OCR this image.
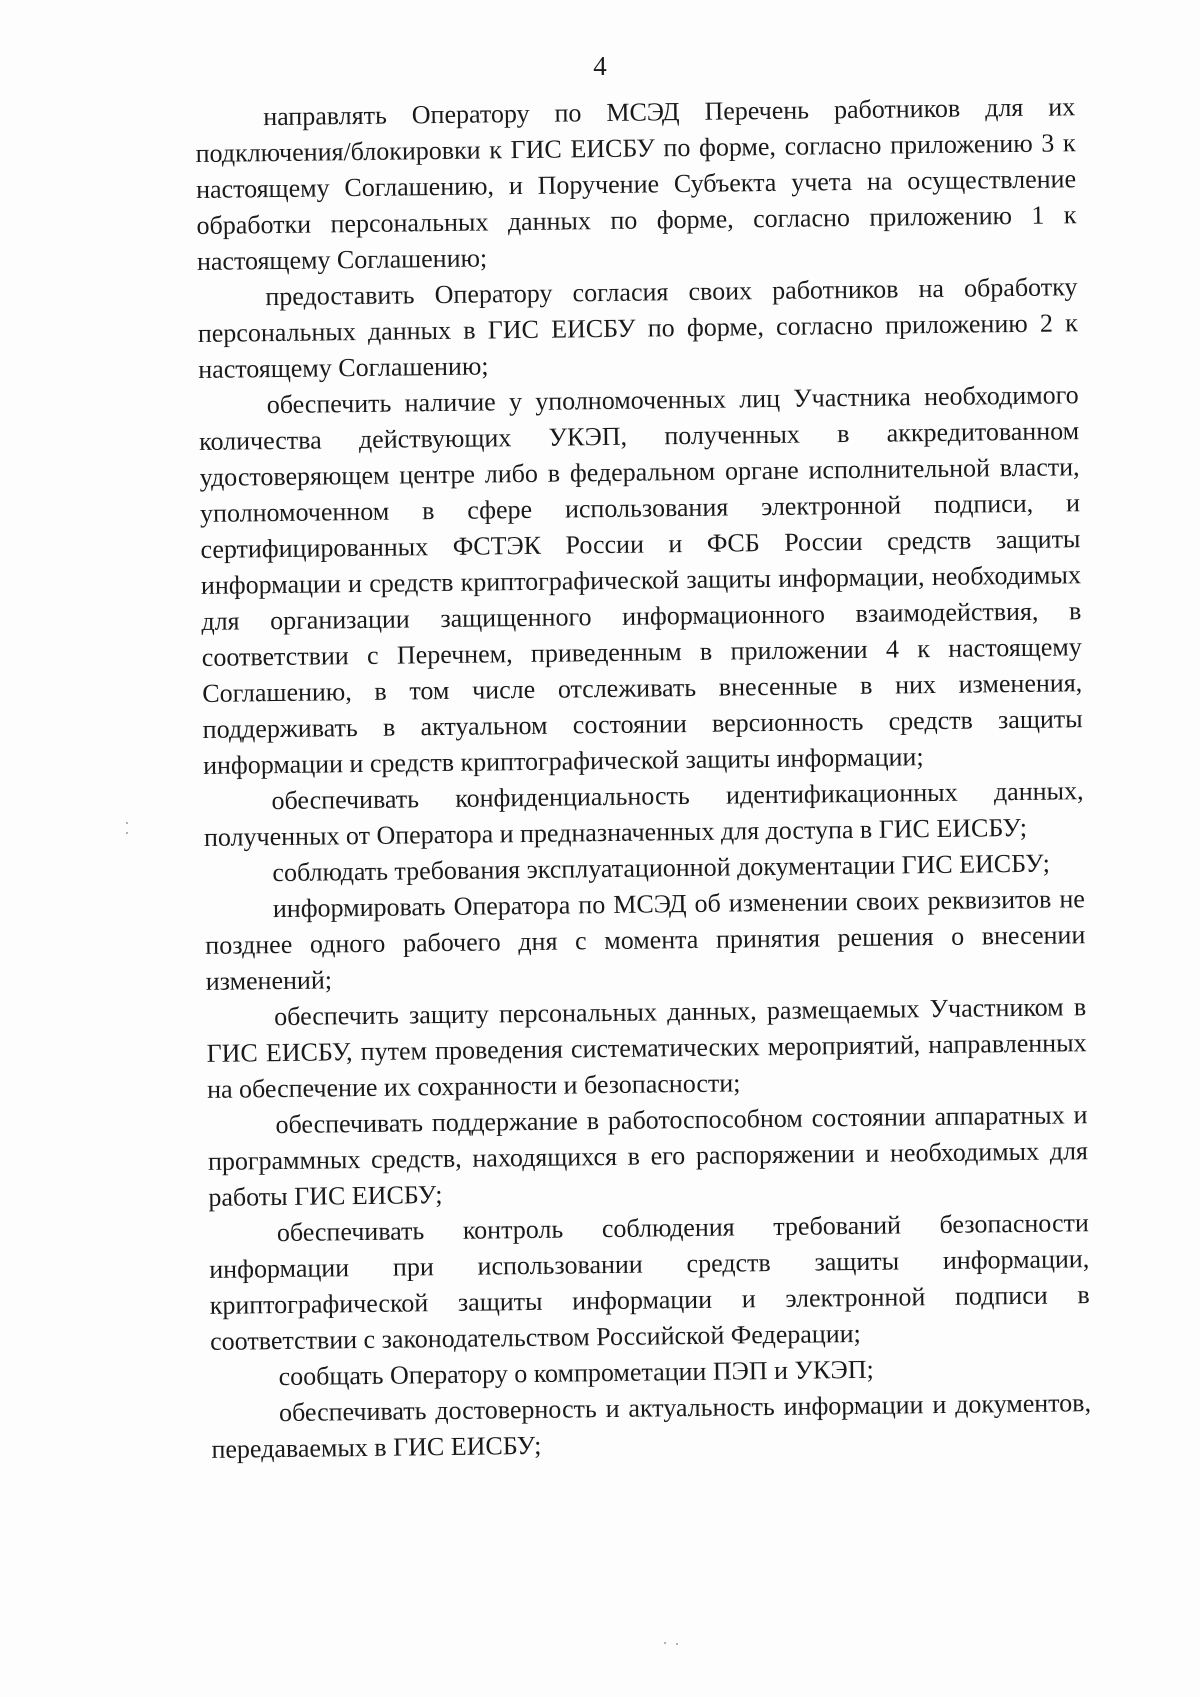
4

направлять Оператору по МСЭД Перечень работников для их подключения/блокировки к ГИС ЕИСБУ по форме, согласно приложению 3 к настоящему Соглашению, и Поручение Субъекта учета на осуществление обработки персональных данных по форме, согласно приложению 1 к настоящему Соглашению;

предоставить Оператору согласия своих работников на обработку персональных данных в ГИС ЕИСБУ по форме, согласно приложению 2 к настоящему Соглашению;

обеспечить наличие у уполномоченных лиц Участника необходимого количества действующих УКЭП, полученных в аккредитованном удостоверяющем центре либо в федеральном органе исполнительной власти, уполномоченном в сфере использования электронной подписи, и сертифицированных ФСТЭК России и ФСБ России средств защиты информации и средств криптографической защиты информации, необходимых для организации защищенного информационного взаимодействия, в соответствии с Перечнем, приведенным в приложении 4 к настоящему Соглашению, в том числе отслеживать внесенные в них изменения, поддерживать в актуальном состоянии версионность средств защиты информации и средств криптографической защиты информации;

обеспечивать конфиденциальность идентификационных данных, полученных от Оператора и предназначенных для доступа в ГИС ЕИСБУ;

соблюдать требования эксплуатационной документации ГИС ЕИСБУ;

информировать Оператора по МСЭД об изменении своих реквизитов не позднее одного рабочего дня с момента принятия решения о внесении изменений;

обеспечить защиту персональных данных, размещаемых Участником в ГИС ЕИСБУ, путем проведения систематических мероприятий, направленных на обеспечение их сохранности и безопасности;

обеспечивать поддержание в работоспособном состоянии аппаратных и программных средств, находящихся в его распоряжении и необходимых для работы ГИС ЕИСБУ;

обеспечивать контроль соблюдения требований безопасности информации при использовании средств защиты информации, криптографической защиты информации и электронной подписи в соответствии с законодательством Российской Федерации;

сообщать Оператору о компрометации ПЭП и УКЭП;

обеспечивать достоверность и актуальность информации и документов, передаваемых в ГИС ЕИСБУ;
